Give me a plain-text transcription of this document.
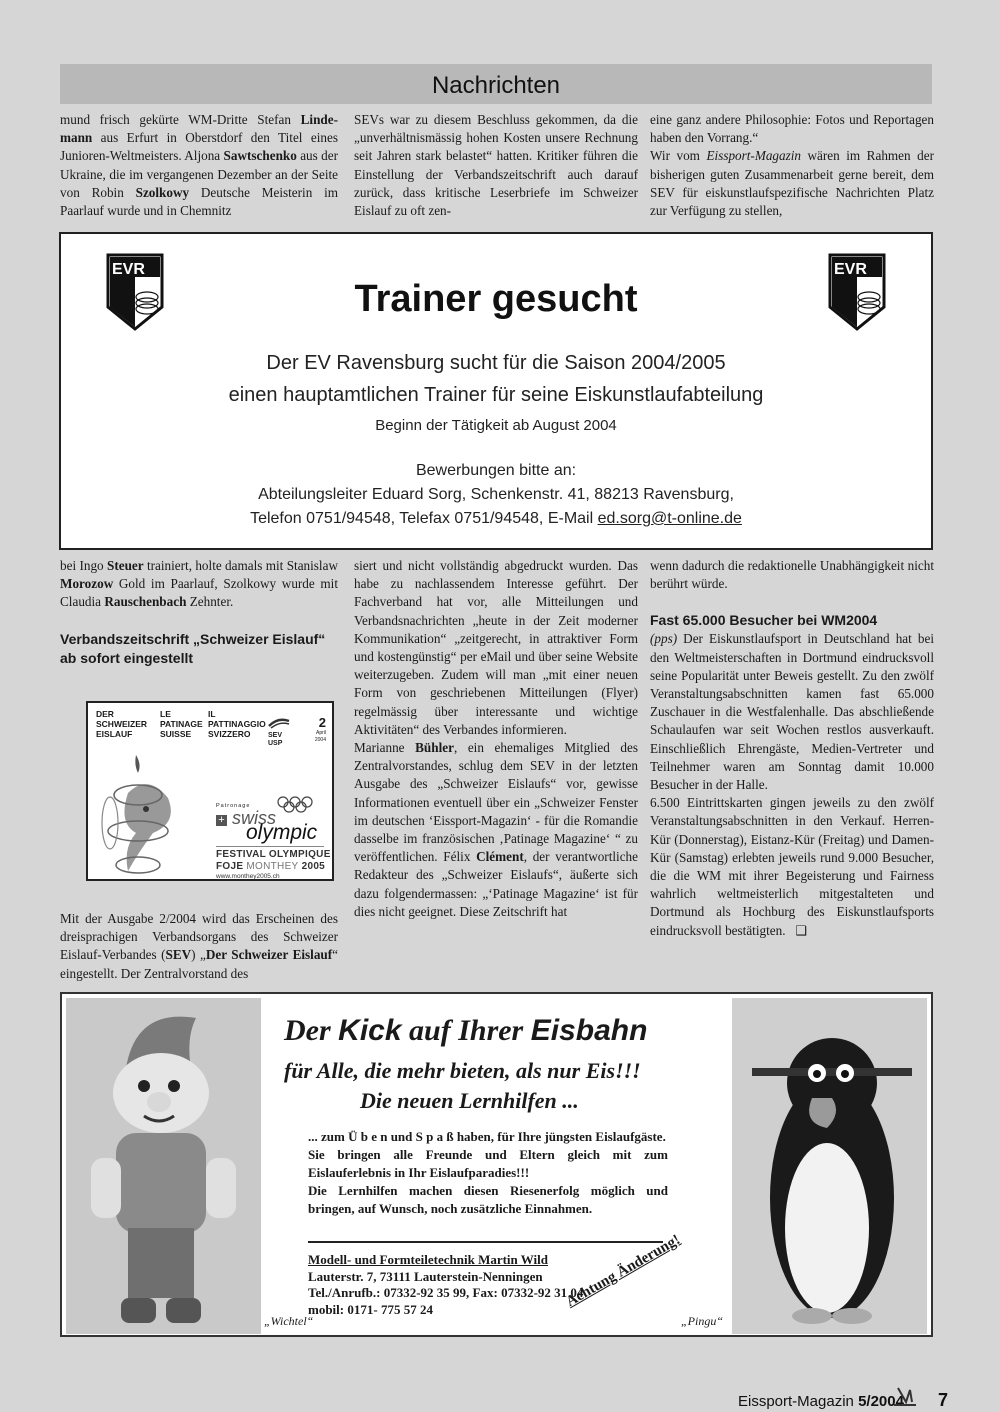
Nachrichten

mund frisch gekürte WM-Dritte Stefan Linde-mann aus Erfurt in Oberstdorf den Titel eines Junioren-Weltmeisters. Aljona Sawtschenko aus der Ukraine, die im vergangenen Dezember an der Seite von Robin Szolkowy Deutsche Meisterin im Paarlauf wurde und in Chemnitz

SEVs war zu diesem Beschluss gekommen, da die „unverhältnismässig hohen Kosten unsere Rechnung seit Jahren stark belastet“ hatten. Kritiker führen die Einstellung der Verbandszeitschrift auch darauf zurück, dass kritische Leserbriefe im Schweizer Eislauf zu oft zen-

eine ganz andere Philosophie: Fotos und Reportagen haben den Vorrang.“

Wir vom Eissport-Magazin wären im Rahmen der bisherigen guten Zusammenarbeit gerne bereit, dem SEV für eiskunstlaufspezifische Nachrichten Platz zur Verfügung zu stellen,

EVR	EVR
Trainer gesucht
Der EV Ravensburg sucht für die Saison 2004/2005
einen hauptamtlichen Trainer für seine Eiskunstlaufabteilung
Beginn der Tätigkeit ab August 2004
Bewerbungen bitte an:
Abteilungsleiter Eduard Sorg, Schenkenstr. 41, 88213 Ravensburg,
Telefon 0751/94548, Telefax 0751/94548, E-Mail ed.sorg@t-online.de

bei Ingo Steuer trainiert, holte damals mit Stanislaw Morozow Gold im Paarlauf, Szolkowy wurde mit Claudia Rauschenbach Zehnter.

Verbandszeitschrift „Schweizer Eislauf“ ab sofort eingestellt

DER
SCHWEIZER
EISLAUF
LE
PATINAGE
SUISSE
IL
PATTINAGGIO
SVIZZERO	SEV
USP
2
April
2004
Patronage
+ swiss
olympic
FESTIVAL OLYMPIQUE
FOJE MONTHEY 2005
www.monthey2005.ch

Mit der Ausgabe 2/2004 wird das Erscheinen des dreisprachigen Verbandsorgans des Schweizer Eislauf-Verbandes (SEV) „Der Schweizer Eislauf“ eingestellt. Der Zentralvorstand des

siert und nicht vollständig abgedruckt wurden. Das habe zu nachlassendem Interesse geführt. Der Fachverband hat vor, alle Mitteilungen und Verbandsnachrichten „heute in der Zeit moderner Kommunikation“ „zeitgerecht, in attraktiver Form und kostengünstig“ per eMail und über seine Website weiterzugeben. Zudem will man „mit einer neuen Form von geschriebenen Mitteilungen (Flyer) regelmässig über interessante und wichtige Aktivitäten“ des Verbandes informieren.

Marianne Bühler, ein ehemaliges Mitglied des Zentralvorstandes, schlug dem SEV in der letzten Ausgabe des „Schweizer Eislaufs“ vor, gewisse Informationen eventuell über ein „Schweizer Fenster im deutschen ‘Eissport-Magazin‘ - für die Romandie dasselbe im französischen ‚Patinage Magazine‘ “ zu veröffentlichen. Félix Clément, der verantwortliche Redakteur des „Schweizer Eislaufs“, äußerte sich dazu folgendermassen: „‘Patinage Magazine‘ ist für dies nicht geeignet. Diese Zeitschrift hat

wenn dadurch die redaktionelle Unabhängigkeit nicht berührt würde.

Fast 65.000 Besucher bei WM2004

(pps) Der Eiskunstlaufsport in Deutschland hat bei den Weltmeisterschaften in Dortmund eindrucksvoll seine Popularität unter Beweis gestellt. Zu den zwölf Veranstaltungsabschnitten kamen fast 65.000 Zuschauer in die Westfalenhalle. Das abschließende Schaulaufen war seit Wochen restlos ausverkauft. Einschließlich Ehrengäste, Medien-Vertreter und Teilnehmer waren am Sonntag damit 10.000 Besucher in der Halle.

6.500 Eintrittskarten gingen jeweils zu den zwölf Veranstaltungsabschnitten in den Verkauf. Herren-Kür (Donnerstag), Eistanz-Kür (Freitag) und Damen-Kür (Samstag) erlebten jeweils rund 9.000 Besucher, die die WM mit ihrer Begeisterung und Fairness wahrlich weltmeisterlich mitgestalteten und Dortmund als Hochburg des Eiskunstlaufsports eindrucksvoll bestätigten. ❑

Der Kick auf Ihrer Eisbahn
für Alle, die mehr bieten, als nur Eis!!!
Die neuen Lernhilfen ...
... zum Ü b e n und S p a ß haben, für Ihre jüngsten Eislaufgäste.
Sie bringen alle Freunde und Eltern gleich mit zum Eislauferlebnis in Ihr Eislaufparadies!!!
Die Lernhilfen machen diesen Riesenerfolg möglich und bringen, auf Wunsch, noch zusätzliche Einnahmen.
Modell- und Formteiletechnik Martin Wild
Lauterstr. 7, 73111 Lauterstein-Nenningen
Tel./Anrufb.: 07332-92 35 99, Fax: 07332-92 31 04
mobil: 0171- 775 57 24	Achtung Änderung!
„Wichtel“	„Pingu“
Eissport-Magazin 5/2004 7
